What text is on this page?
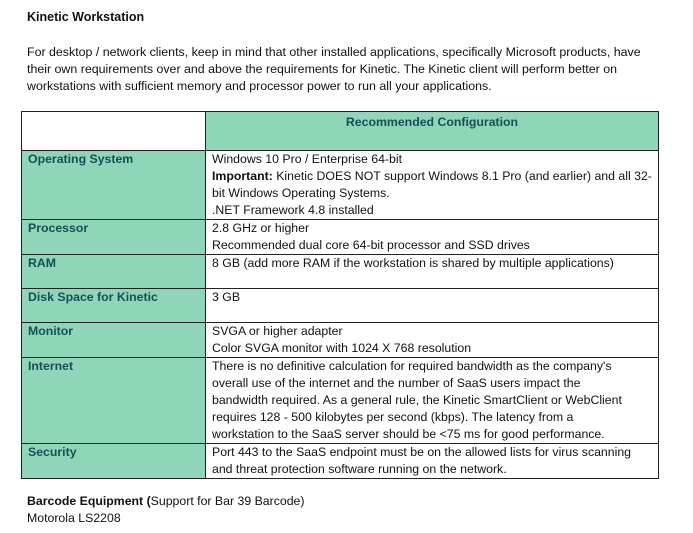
Kinetic Workstation
For desktop / network clients, keep in mind that other installed applications, specifically Microsoft products, have
their own requirements over and above the requirements for Kinetic. The Kinetic client will perform better on
workstations with sufficient memory and processor power to run all your applications.
	Recommended Configuration
Operating System	Windows 10 Pro / Enterprise 64-bit
Important: Kinetic DOES NOT support Windows 8.1 Pro (and earlier) and all 32-
bit Windows Operating Systems.
.NET Framework 4.8 installed

Processor	2.8 GHz or higher
Recommended dual core 64-bit processor and SSD drives

RAM	8 GB (add more RAM if the workstation is shared by multiple applications)

Disk Space for Kinetic	3 GB

Monitor	SVGA or higher adapter
Color SVGA monitor with 1024 X 768 resolution

Internet	There is no definitive calculation for required bandwidth as the company's
overall use of the internet and the number of SaaS users impact the
bandwidth required. As a general rule, the Kinetic SmartClient or WebClient
requires 128 - 500 kilobytes per second (kbps). The latency from a
workstation to the SaaS server should be <75 ms for good performance.

Security	Port 443 to the SaaS endpoint must be on the allowed lists for virus scanning
and threat protection software running on the network.
Barcode Equipment (Support for Bar 39 Barcode)
Motorola LS2208
